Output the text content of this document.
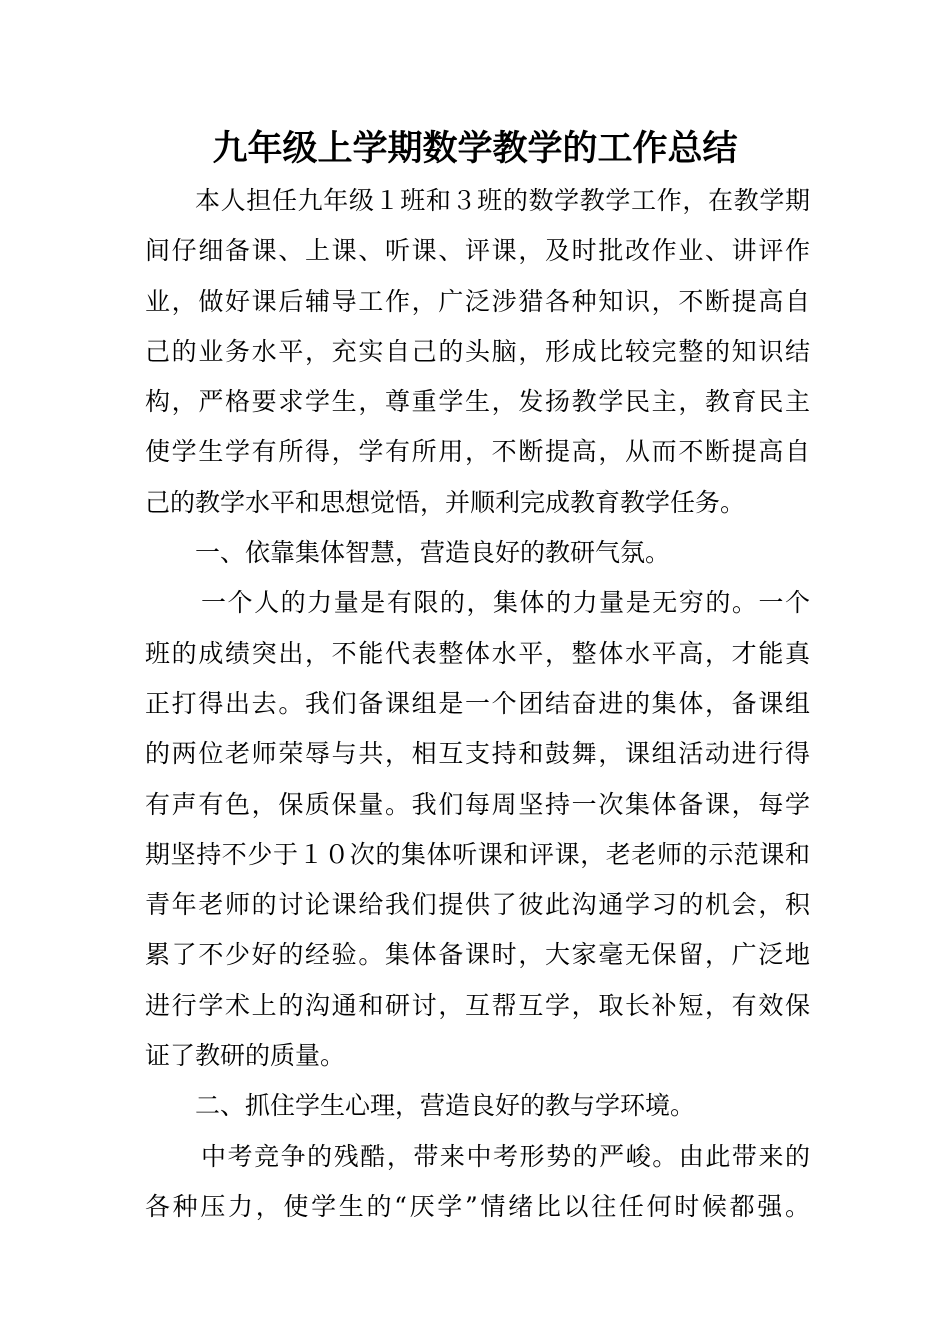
九年级上学期数学教学的工作总结
本人担任九年级１班和３班的数学教学工作，在教学期
间仔细备课、上课、听课、评课，及时批改作业、讲评作
业，做好课后辅导工作，广泛涉猎各种知识，不断提高自
己的业务水平，充实自己的头脑，形成比较完整的知识结
构，严格要求学生，尊重学生，发扬教学民主，教育民主
使学生学有所得，学有所用，不断提高，从而不断提高自
己的教学水平和思想觉悟，并顺利完成教育教学任务。
一、依靠集体智慧，营造良好的教研气氛。
一个人的力量是有限的，集体的力量是无穷的。一个
班的成绩突出，不能代表整体水平，整体水平高，才能真
正打得出去。我们备课组是一个团结奋进的集体，备课组
的两位老师荣辱与共，相互支持和鼓舞，课组活动进行得
有声有色，保质保量。我们每周坚持一次集体备课，每学
期坚持不少于１０次的集体听课和评课，老老师的示范课和
青年老师的讨论课给我们提供了彼此沟通学习的机会，积
累了不少好的经验。集体备课时，大家毫无保留，广泛地
进行学术上的沟通和研讨，互帮互学，取长补短，有效保
证了教研的质量。
二、抓住学生心理，营造良好的教与学环境。
中考竞争的残酷，带来中考形势的严峻。由此带来的
各种压力，使学生的“厌学”情绪比以往任何时候都强。
